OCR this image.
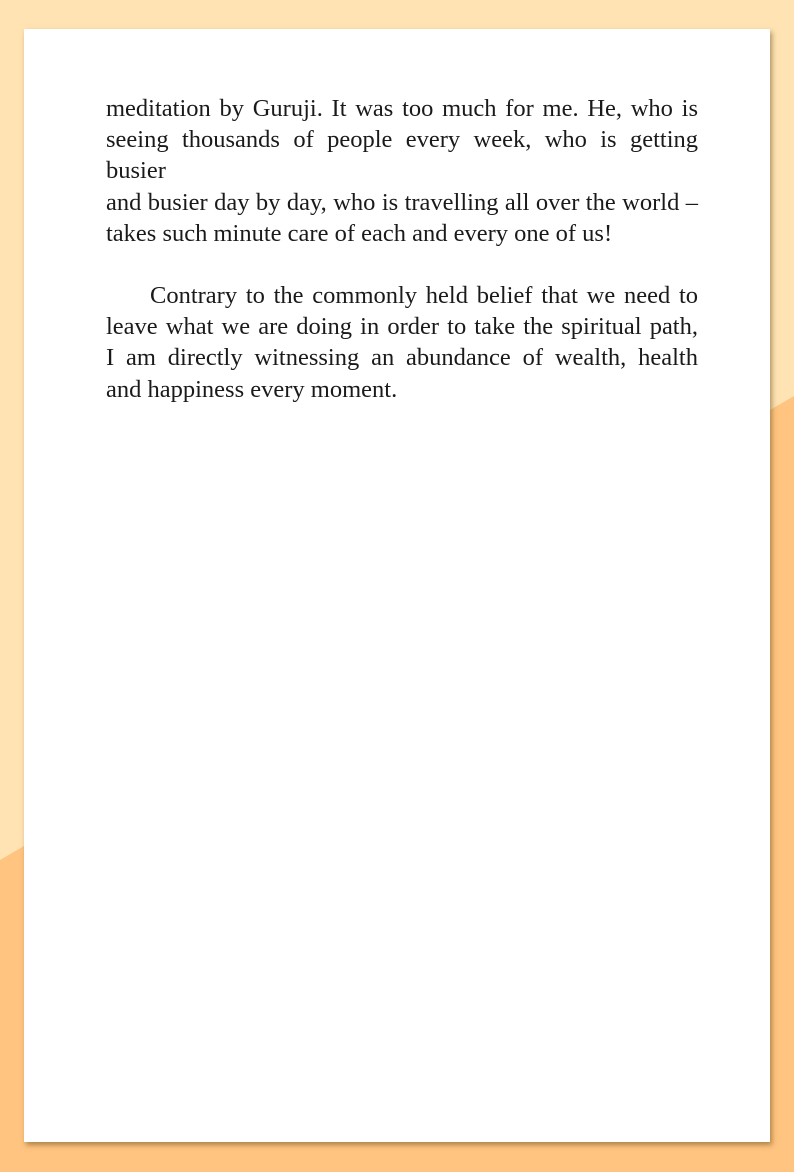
meditation by Guruji. It was too much for me. He, who is
seeing thousands of people every week, who is getting busier
and busier day by day, who is travelling all over the world –
takes such minute care of each and every one of us!
Contrary to the commonly held belief that we need to
leave what we are doing in order to take the spiritual path,
I am directly witnessing an abundance of wealth, health
and happiness every moment.
